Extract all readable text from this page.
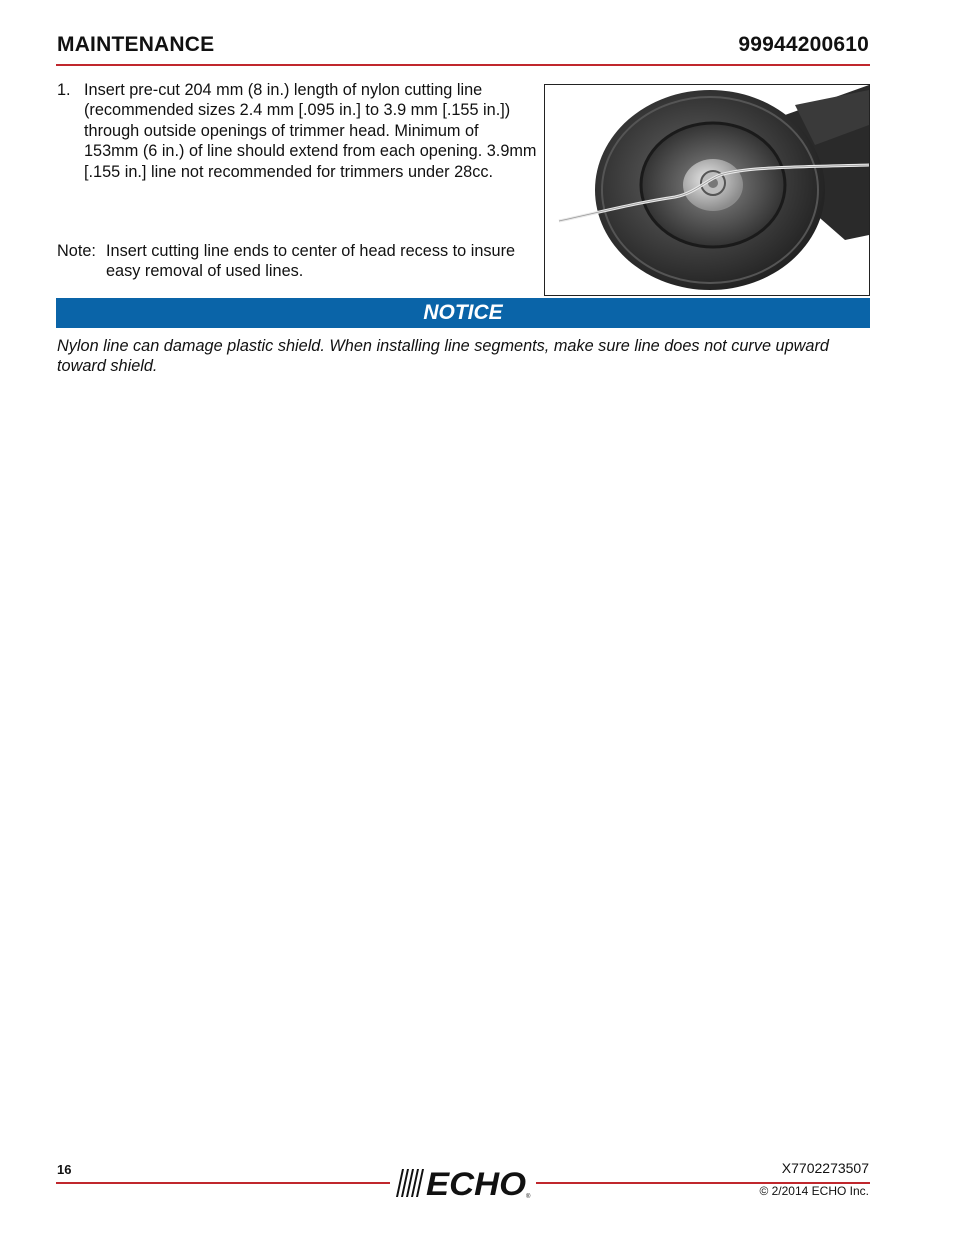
MAINTENANCE	99944200610
1. Insert pre-cut 204 mm (8 in.) length of nylon cutting line (recommended sizes 2.4 mm [.095 in.] to 3.9 mm [.155 in.]) through outside openings of trimmer head. Minimum of 153mm (6 in.) of line should extend from each opening. 3.9mm [.155 in.] line not recommended for trimmers under 28cc.
Note: Insert cutting line ends to center of head recess to insure easy removal of used lines.
NOTICE
Nylon line can damage plastic shield. When installing line segments, make sure line does not curve upward toward shield.
16	ECHO ®
X7702273507
© 2/2014 ECHO Inc.
